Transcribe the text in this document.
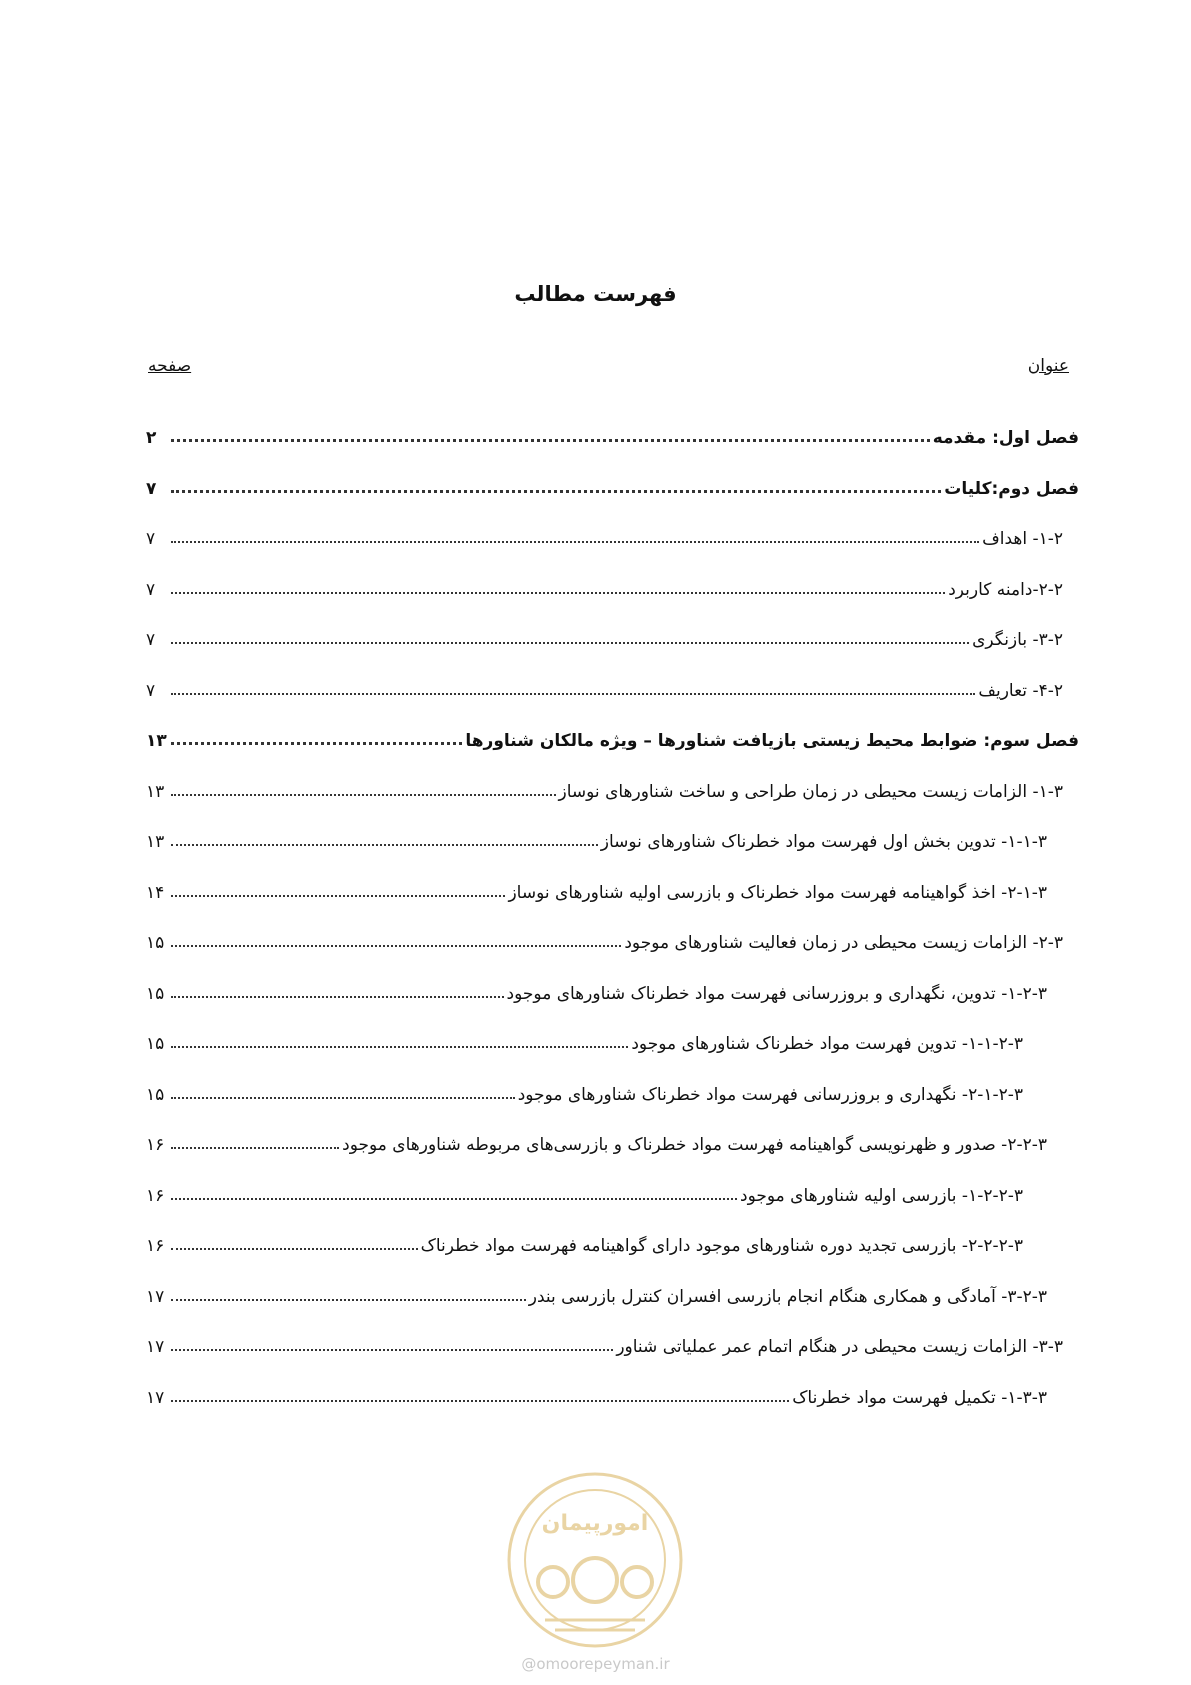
فهرست مطالب
عنوان
صفحه
فصل اول: مقدمه
۲
فصل دوم:کلیات
۷
۱-۲- اهداف
۷
۲-۲-دامنه کاربرد
۷
۳-۲- بازنگری
۷
۴-۲- تعاریف
۷
فصل سوم: ضوابط محیط زیستی بازیافت شناورها – ویژه مالکان شناورها
۱۳
۱-۳- الزامات زیست محیطی در زمان طراحی و ساخت شناورهای نوساز
۱۳
۱-۱-۳- تدوین بخش اول فهرست مواد خطرناک شناورهای نوساز
۱۳
۲-۱-۳- اخذ گواهینامه فهرست مواد خطرناک و بازرسی اولیه شناورهای نوساز
۱۴
۲-۳- الزامات زیست محیطی در زمان فعالیت شناورهای موجود
۱۵
۱-۲-۳- تدوین، نگهداری و بروزرسانی فهرست مواد خطرناک شناورهای موجود
۱۵
۱-۱-۲-۳- تدوین فهرست مواد خطرناک شناورهای موجود
۱۵
۲-۱-۲-۳- نگهداری و بروزرسانی فهرست مواد خطرناک شناورهای موجود
۱۵
۲-۲-۳- صدور و ظهرنویسی گواهینامه فهرست مواد خطرناک و بازرسی‌های مربوطه شناورهای موجود
۱۶
۱-۲-۲-۳- بازرسی اولیه شناورهای موجود
۱۶
۲-۲-۲-۳- بازرسی تجدید دوره شناورهای موجود دارای گواهینامه فهرست مواد خطرناک
۱۶
۳-۲-۳- آمادگی و همکاری هنگام انجام بازرسی افسران کنترل بازرسی بندر
۱۷
۳-۳- الزامات زیست محیطی در هنگام اتمام عمر عملیاتی شناور
۱۷
۱-۳-۳- تکمیل فهرست مواد خطرناک
۱۷
امورپیمان
@omoorepeyman.ir
